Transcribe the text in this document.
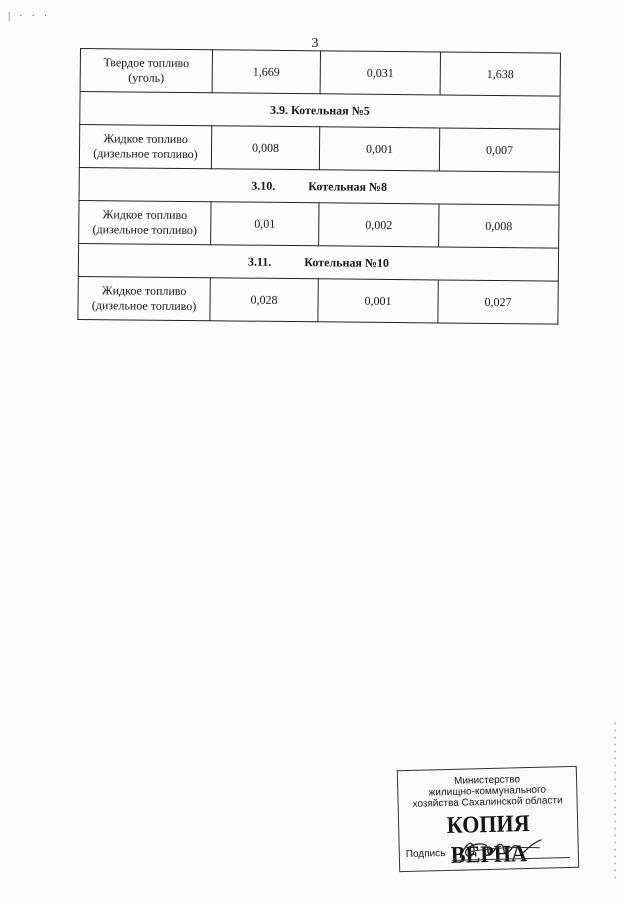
| · · ·
3
Твердое топливо
(уголь)	1,669	0,031	1,638
3.9. Котельная №5			
Жидкое топливо
(дизельное топливо)	0,008	0,001	0,007
3.10. Котельная №8			
Жидкое топливо
(дизельное топливо)	0,01	0,002	0,008
3.11. Котельная №10			
Жидкое топливо
(дизельное топливо)	0,028	0,001	0,027
Министерство
жилищно-коммунального
хозяйства Сахалинской области
КОПИЯ ВЕРНА
Подпись
